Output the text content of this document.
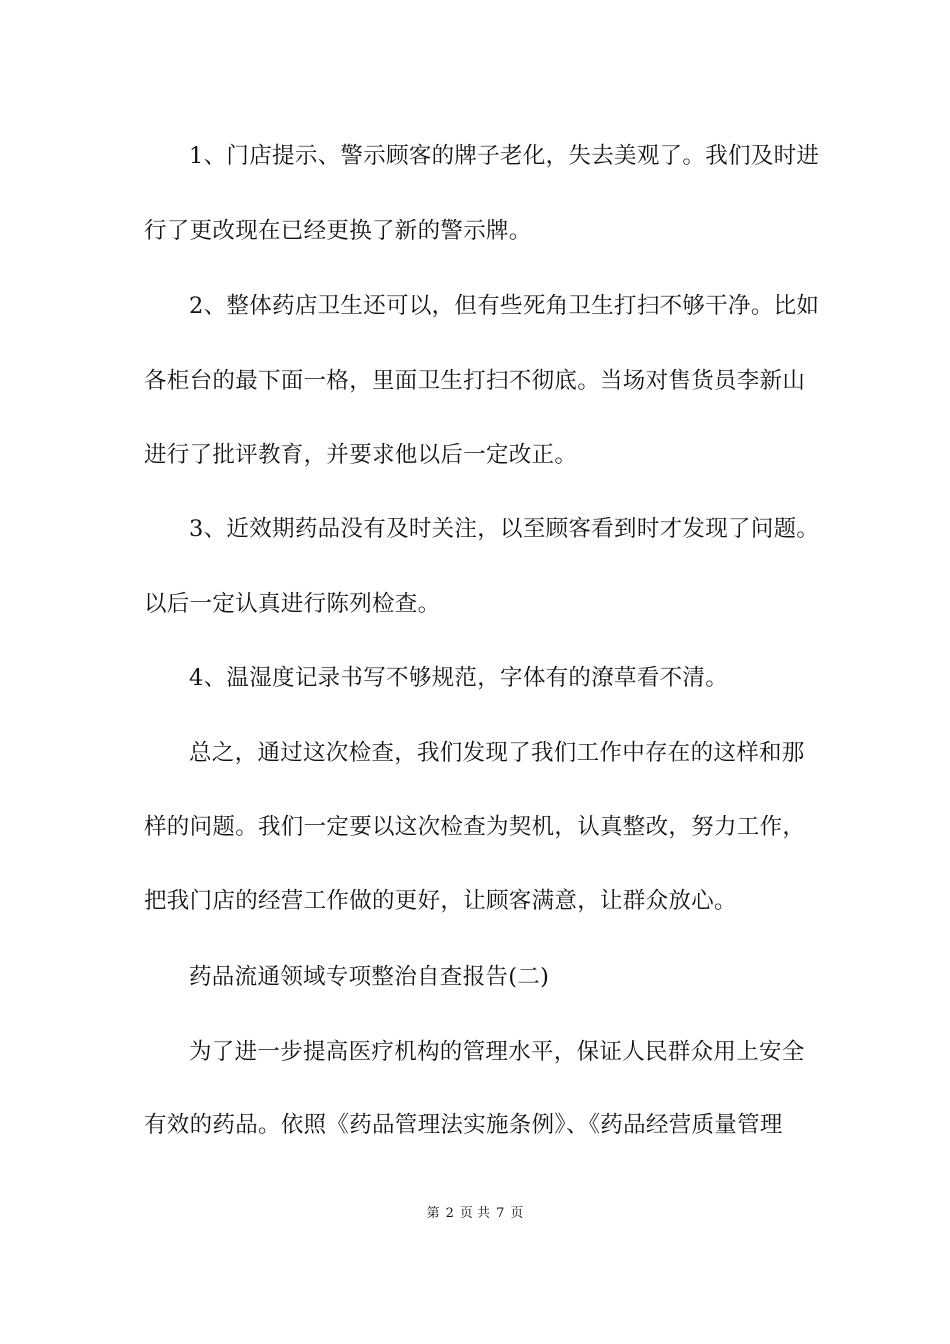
1、门店提示、警示顾客的牌子老化，失去美观了。我们及时进
行了更改现在已经更换了新的警示牌。
2、整体药店卫生还可以，但有些死角卫生打扫不够干净。比如
各柜台的最下面一格，里面卫生打扫不彻底。当场对售货员李新山
进行了批评教育，并要求他以后一定改正。
3、近效期药品没有及时关注，以至顾客看到时才发现了问题。
以后一定认真进行陈列检查。
4、温湿度记录书写不够规范，字体有的潦草看不清。
总之，通过这次检查，我们发现了我们工作中存在的这样和那
样的问题。我们一定要以这次检查为契机，认真整改，努力工作，
把我门店的经营工作做的更好，让顾客满意，让群众放心。
药品流通领域专项整治自查报告(二)
为了进一步提高医疗机构的管理水平，保证人民群众用上安全
有效的药品。依照《药品管理法实施条例》、《药品经营质量管理
第 2 页 共 7 页
